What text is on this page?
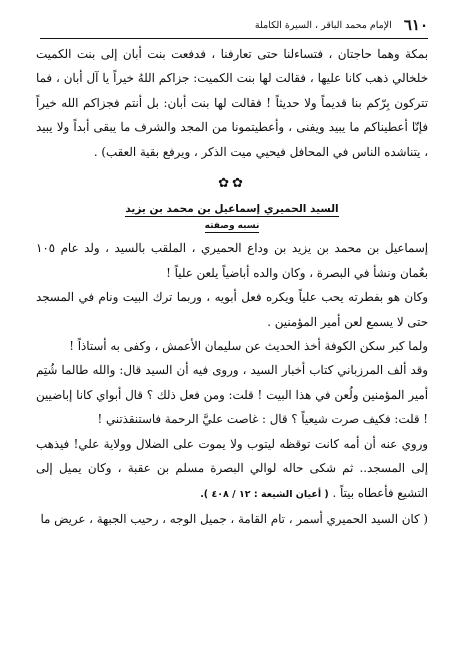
٦١٠
الإمام محمد الباقر ، السيرة الكاملة

بمكة وهما حاجتان ، فتساءلنا حتى تعارفنا ، فدفعت بنت أبان إلى بنت الكميت خلخالي ذهب كانا عليها ، فقالت لها بنت الكميت: جزاكم اللهُ خيراً يا آل أبان ، فما تتركون بِرّكم بنا قديماً ولا حديثاً ! فقالت لها بنت أبان: بل أنتم فجزاكم الله خيراً فإنّا أعطيناكم ما يبيد ويفنى ، وأعطيتمونا من المجد والشرف ما يبقى أبداً ولا يبيد ، يتناشده الناس في المحافل فيحيي ميت الذكر ، ويرفع بقية العقب) .

✿✿

السيد الحميري إسماعيل بن محمد بن يزيد

نسبه وصفته

إسماعيل بن محمد بن يزيد بن وداع الحميري ، الملقب بالسيد ، ولد عام ١٠٥ بعُمان ونشأ في البصرة ، وكان والده أباضياً يلعن علياً !

وكان هو بفطرته يحب علياً ويكره فعل أبويه ، وربما ترك البيت ونام في المسجد حتى لا يسمع لعن أمير المؤمنين .

ولما كبر سكن الكوفة أخذ الحديث عن سليمان الأعمش ، وكفى به أستاذاً !

وقد ألف المرزباني كتاب أخبار السيد ، وروى فيه أن السيد قال: والله طالما شُتِم أمير المؤمنين ولُعن في هذا البيت ! قلت: ومن فعل ذلك ؟ قال أبواي كانا إباضيين ! قلت: فكيف صرت شيعياً ؟ قال : غاصت عليَّ الرحمة فاستنقذتني !

وروي عنه أن أمه كانت توقظه ليتوب ولا يموت على الضلال وولاية علي! فيذهب إلى المسجد.. ثم شكى حاله لوالي البصرة مسلم بن عقبة ، وكان يميل إلى التشيع فأعطاه بيتاً . ( أعيان الشيعة : ١٢ / ٤٠٨ ).

( كان السيد الحميري أسمر ، تام القامة ، جميل الوجه ، رحيب الجبهة ، عريض ما
